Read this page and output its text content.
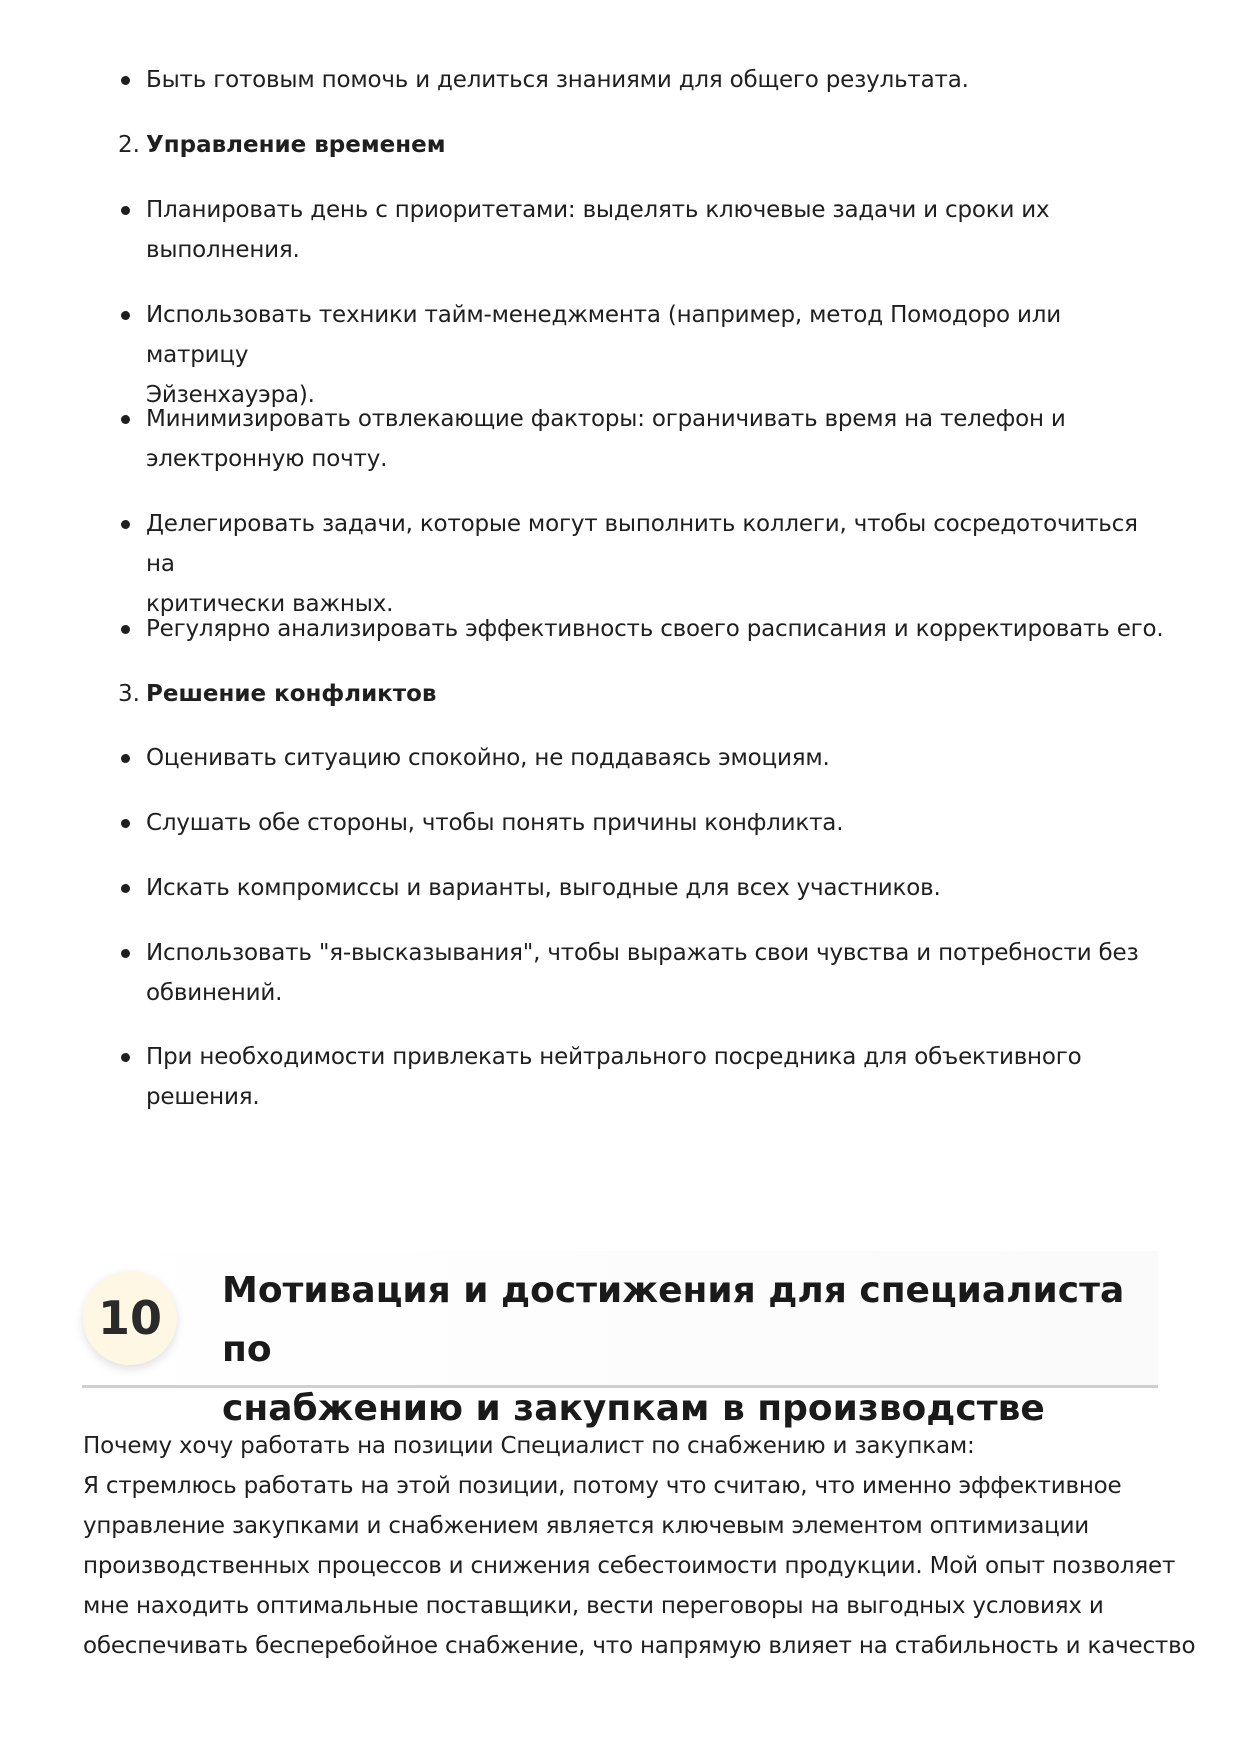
Быть готовым помочь и делиться знаниями для общего результата.
2. Управление временем
Планировать день с приоритетами: выделять ключевые задачи и сроки их
выполнения.
Использовать техники тайм-менеджмента (например, метод Помодоро или матрицу
Эйзенхауэра).
Минимизировать отвлекающие факторы: ограничивать время на телефон и
электронную почту.
Делегировать задачи, которые могут выполнить коллеги, чтобы сосредоточиться на
критически важных.
Регулярно анализировать эффективность своего расписания и корректировать его.
3. Решение конфликтов
Оценивать ситуацию спокойно, не поддаваясь эмоциям.
Слушать обе стороны, чтобы понять причины конфликта.
Искать компромиссы и варианты, выгодные для всех участников.
Использовать "я-высказывания", чтобы выражать свои чувства и потребности без
обвинений.
При необходимости привлекать нейтрального посредника для объективного решения.
10
Мотивация и достижения для специалиста по
снабжению и закупкам в производстве
Почему хочу работать на позиции Специалист по снабжению и закупкам:
Я стремлюсь работать на этой позиции, потому что считаю, что именно эффективное
управление закупками и снабжением является ключевым элементом оптимизации
производственных процессов и снижения себестоимости продукции. Мой опыт позволяет
мне находить оптимальные поставщики, вести переговоры на выгодных условиях и
обеспечивать бесперебойное снабжение, что напрямую влияет на стабильность и качество
